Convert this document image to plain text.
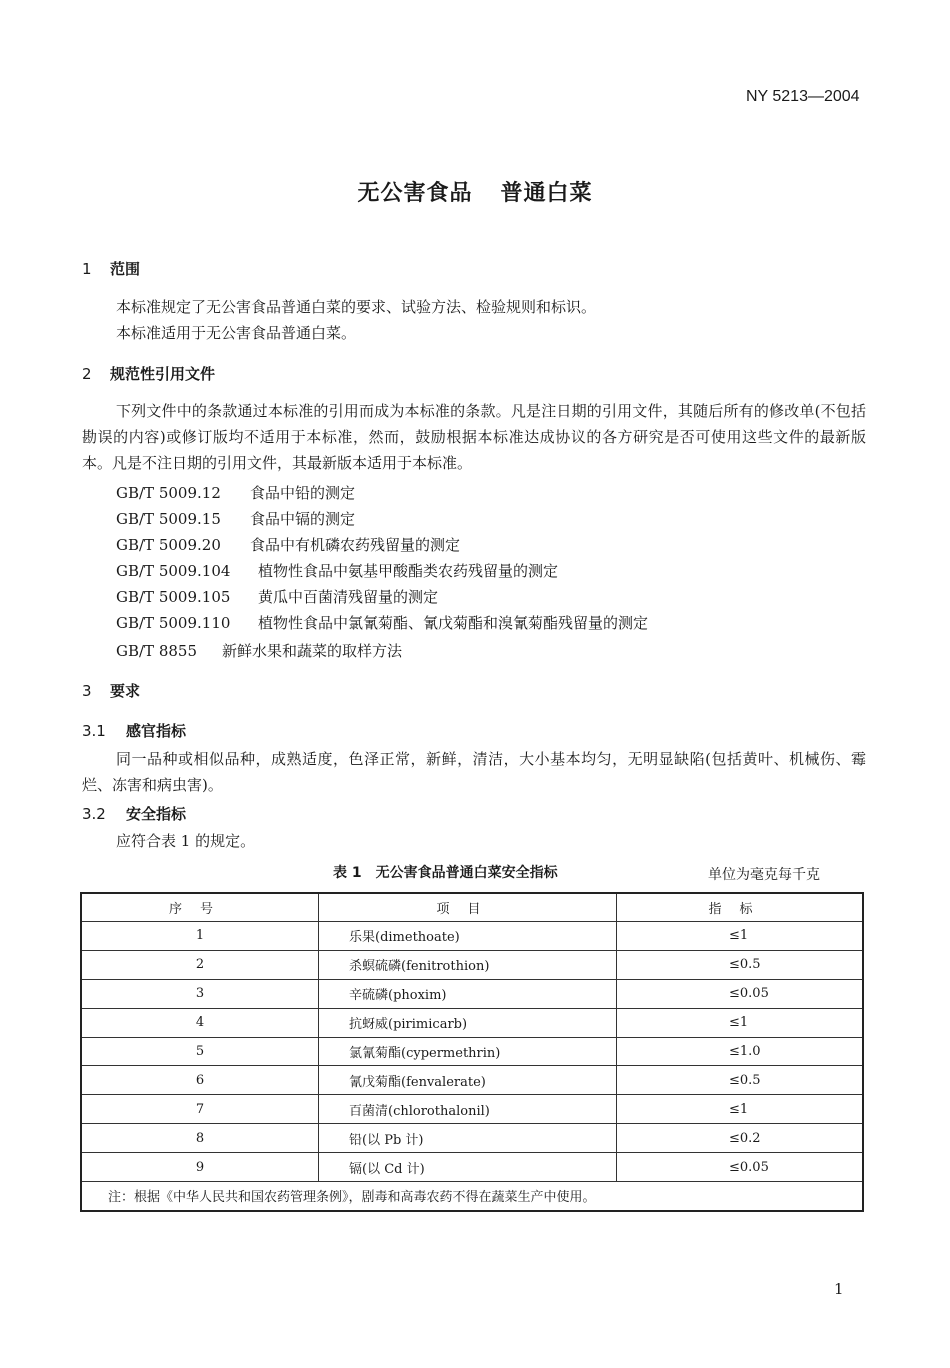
NY 5213—2004
无公害食品 普通白菜
1 范围
本标准规定了无公害食品普通白菜的要求、试验方法、检验规则和标识。
本标准适用于无公害食品普通白菜。
2 规范性引用文件
下列文件中的条款通过本标准的引用而成为本标准的条款。凡是注日期的引用文件，其随后所有的修改单(不包括勘误的内容)或修订版均不适用于本标准，然而，鼓励根据本标准达成协议的各方研究是否可使用这些文件的最新版本。凡是不注日期的引用文件，其最新版本适用于本标准。
GB/T 5009.12 食品中铅的测定
GB/T 5009.15 食品中镉的测定
GB/T 5009.20 食品中有机磷农药残留量的测定
GB/T 5009.104 植物性食品中氨基甲酸酯类农药残留量的测定
GB/T 5009.105 黄瓜中百菌清残留量的测定
GB/T 5009.110 植物性食品中氯氰菊酯、氰戊菊酯和溴氰菊酯残留量的测定
GB/T 8855 新鲜水果和蔬菜的取样方法
3 要求
3.1 感官指标
同一品种或相似品种，成熟适度，色泽正常，新鲜，清洁，大小基本均匀，无明显缺陷(包括黄叶、机械伤、霉烂、冻害和病虫害)。
3.2 安全指标
应符合表 1 的规定。
表 1　无公害食品普通白菜安全指标	单位为毫克每千克
序号	项目	指标
1	乐果(dimethoate)	≤1
2	杀螟硫磷(fenitrothion)	≤0.5
3	辛硫磷(phoxim)	≤0.05
4	抗蚜威(pirimicarb)	≤1
5	氯氰菊酯(cypermethrin)	≤1.0
6	氰戊菊酯(fenvalerate)	≤0.5
7	百菌清(chlorothalonil)	≤1
8	铅(以 Pb 计)	≤0.2
9	镉(以 Cd 计)	≤0.05
注：根据《中华人民共和国农药管理条例》，剧毒和高毒农药不得在蔬菜生产中使用。		
1
